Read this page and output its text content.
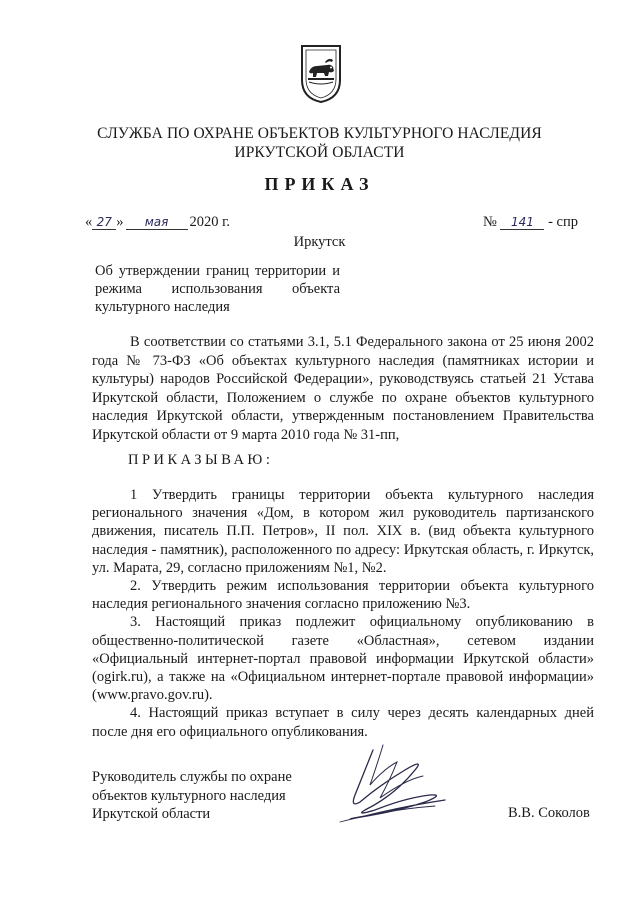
СЛУЖБА ПО ОХРАНЕ ОБЪЕКТОВ КУЛЬТУРНОГО НАСЛЕДИЯ
ИРКУТСКОЙ ОБЛАСТИ
ПРИКАЗ
« 27 » мая 2020 г.	№ 141 - спр
Иркутск
Об утверждении границ территории и
режима использования объекта
культурного наследия
В соответствии со статьями 3.1, 5.1 Федерального закона от 25 июня 2002 года № 73-ФЗ «Об объектах культурного наследия (памятниках истории и культуры) народов Российской Федерации», руководствуясь статьей 21 Устава Иркутской области, Положением о службе по охране объектов культурного наследия Иркутской области, утвержденным постановлением Правительства Иркутской области от 9 марта 2010 года № 31-пп,
ПРИКАЗЫВАЮ:

1 Утвердить границы территории объекта культурного наследия регионального значения «Дом, в котором жил руководитель партизанского движения, писатель П.П. Петров», II пол. XIX в. (вид объекта культурного наследия - памятник), расположенного по адресу: Иркутская область, г. Иркутск, ул. Марата, 29, согласно приложениям №1, №2.

2. Утвердить режим использования территории объекта культурного наследия регионального значения согласно приложению №3.

3. Настоящий приказ подлежит официальному опубликованию в общественно-политической газете «Областная», сетевом издании «Официальный интернет-портал правовой информации Иркутской области» (ogirk.ru), а также на «Официальном интернет-портале правовой информации» (www.pravo.gov.ru).

4. Настоящий приказ вступает в силу через десять календарных дней после дня его официального опубликования.

Руководитель службы по охране
объектов культурного наследия
Иркутской области	В.В. Соколов
